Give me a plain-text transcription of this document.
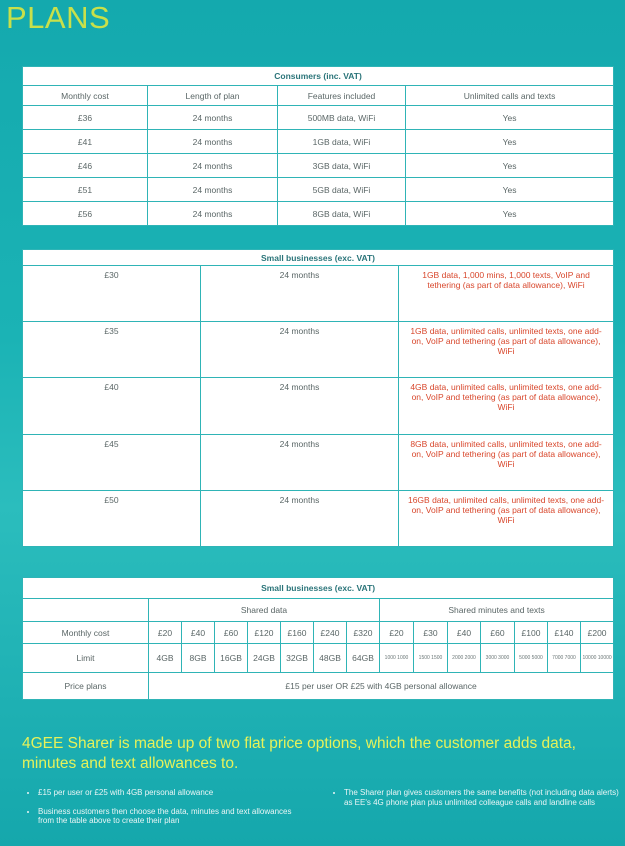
PLANS
Consumers (inc. VAT)			
Monthly cost	Length of plan	Features included	Unlimited calls and texts
£36	24 months	500MB data, WiFi	Yes
£41	24 months	1GB data, WiFi	Yes
£46	24 months	3GB data, WiFi	Yes
£51	24 months	5GB data, WiFi	Yes
£56	24 months	8GB data, WiFi	Yes
Small businesses (exc. VAT)		
£30	24 months	1GB data, 1,000 mins, 1,000 texts, VoIP and tethering (as part of data allowance), WiFi
£35	24 months	1GB data, unlimited calls, unlimited texts, one add-on, VoIP and tethering (as part of data allowance), WiFi
£40	24 months	4GB data, unlimited calls, unlimited texts, one add-on, VoIP and tethering (as part of data allowance), WiFi
£45	24 months	8GB data, unlimited calls, unlimited texts, one add-on, VoIP and tethering (as part of data allowance), WiFi
£50	24 months	16GB data, unlimited calls, unlimited texts, one add-on, VoIP and tethering (as part of data allowance), WiFi
Small businesses (exc. VAT)														
	Shared data							Shared minutes and texts						
Monthly cost	£20	£40	£60	£120	£160	£240	£320	£20	£30	£40	£60	£100	£140	£200
Limit	4GB	8GB	16GB	24GB	32GB	48GB	64GB	1000 1000	1500 1500	2000 2000	3000 3000	5000 5000	7000 7000	10000 10000
Price plans	£15 per user OR £25 with 4GB personal allowance													
4GEE Sharer is made up of two flat price options, which the customer adds data, minutes and text allowances to.
• £15 per user or £25 with 4GB personal allowance
• Business customers then choose the data, minutes and text allowances from the table above to create their plan
• The Sharer plan gives customers the same benefits (not including data alerts) as EE's 4G phone plan plus unlimited colleague calls and landline calls
